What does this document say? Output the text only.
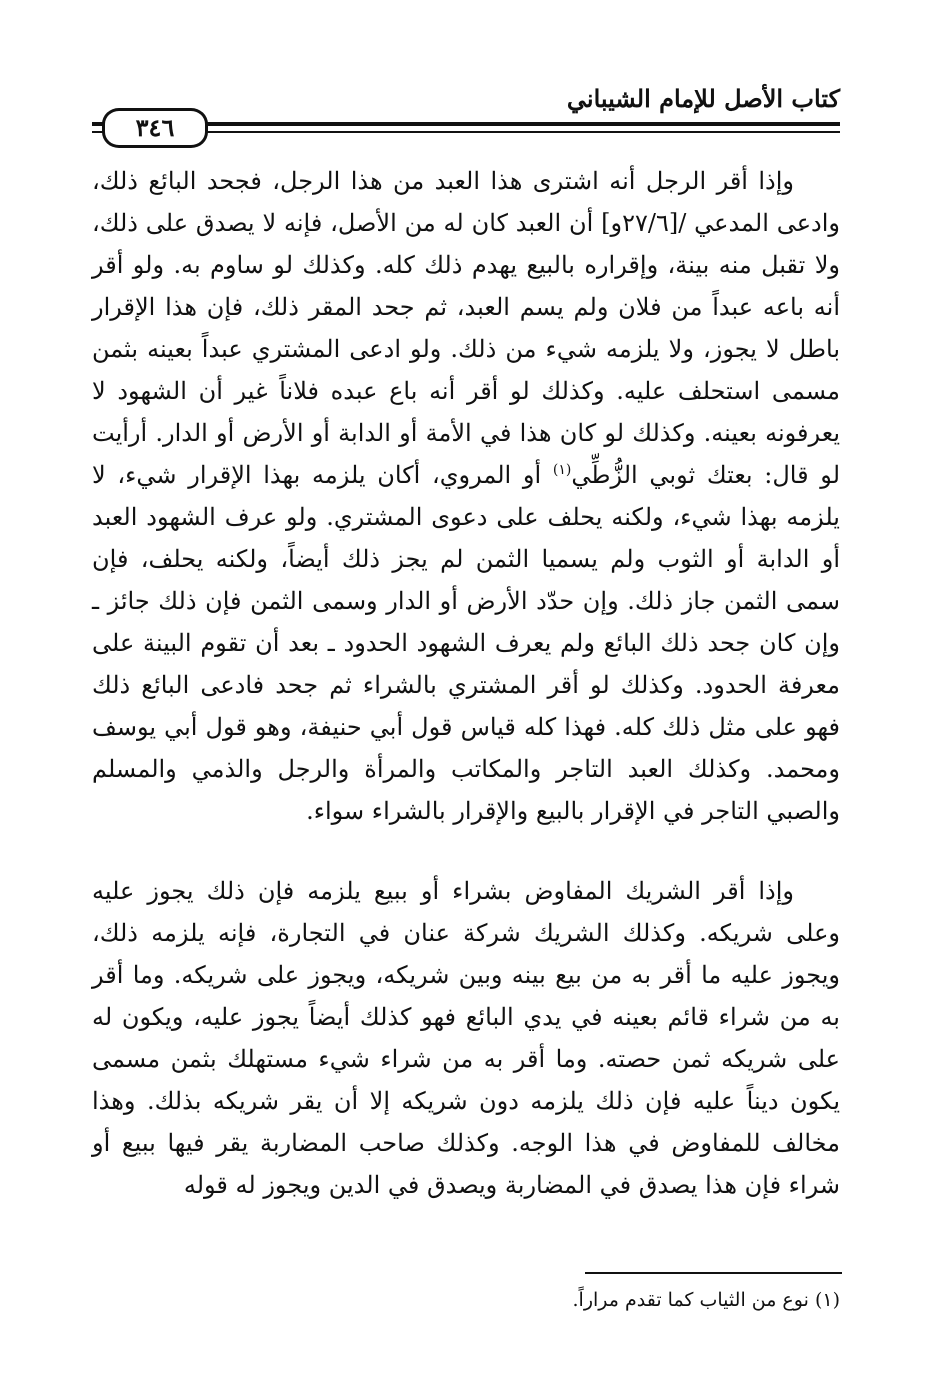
كتاب الأصل للإمام الشيباني
٣٤٦

وإذا أقر الرجل أنه اشترى هذا العبد من هذا الرجل، فجحد البائع ذلك، وادعى المدعي /[٢٧/٦و] أن العبد كان له من الأصل، فإنه لا يصدق على ذلك، ولا تقبل منه بينة، وإقراره بالبيع يهدم ذلك كله. وكذلك لو ساوم به. ولو أقر أنه باعه عبداً من فلان ولم يسم العبد، ثم جحد المقر ذلك، فإن هذا الإقرار باطل لا يجوز، ولا يلزمه شيء من ذلك. ولو ادعى المشتري عبداً بعينه بثمن مسمى استحلف عليه. وكذلك لو أقر أنه باع عبده فلاناً غير أن الشهود لا يعرفونه بعينه. وكذلك لو كان هذا في الأمة أو الدابة أو الأرض أو الدار. أرأيت لو قال: بعتك ثوبي الزُّطِّي$^{(١)}$ أو المروي، أكان يلزمه بهذا الإقرار شيء، لا يلزمه بهذا شيء، ولكنه يحلف على دعوى المشتري. ولو عرف الشهود العبد أو الدابة أو الثوب ولم يسميا الثمن لم يجز ذلك أيضاً، ولكنه يحلف، فإن سمى الثمن جاز ذلك. وإن حدّد الأرض أو الدار وسمى الثمن فإن ذلك جائز ـ وإن كان جحد ذلك البائع ولم يعرف الشهود الحدود ـ بعد أن تقوم البينة على معرفة الحدود. وكذلك لو أقر المشتري بالشراء ثم جحد فادعى البائع ذلك فهو على مثل ذلك كله. فهذا كله قياس قول أبي حنيفة، وهو قول أبي يوسف ومحمد. وكذلك العبد التاجر والمكاتب والمرأة والرجل والذمي والمسلم والصبي التاجر في الإقرار بالبيع والإقرار بالشراء سواء.

وإذا أقر الشريك المفاوض بشراء أو ببيع يلزمه فإن ذلك يجوز عليه وعلى شريكه. وكذلك الشريك شركة عنان في التجارة، فإنه يلزمه ذلك، ويجوز عليه ما أقر به من بيع بينه وبين شريكه، ويجوز على شريكه. وما أقر به من شراء قائم بعينه في يدي البائع فهو كذلك أيضاً يجوز عليه، ويكون له على شريكه ثمن حصته. وما أقر به من شراء شيء مستهلك بثمن مسمى يكون ديناً عليه فإن ذلك يلزمه دون شريكه إلا أن يقر شريكه بذلك. وهذا مخالف للمفاوض في هذا الوجه. وكذلك صاحب المضاربة يقر فيها ببيع أو شراء فإن هذا يصدق في المضاربة ويصدق في الدين ويجوز له قوله

(١) نوع من الثياب كما تقدم مراراً.
